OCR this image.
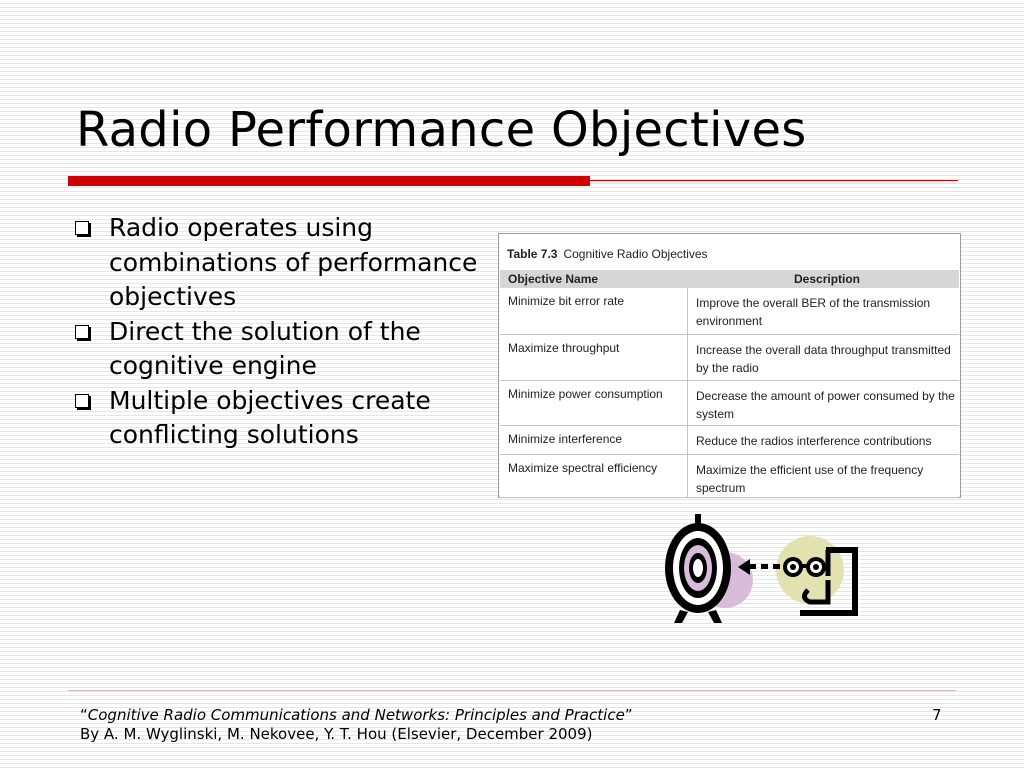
Radio Performance Objectives
Radio operates using combinations of performance objectives
Direct the solution of the cognitive engine
Multiple objectives create conflicting solutions
Table 7.3 Cognitive Radio Objectives
Objective Name	Description
Minimize bit error rate	Improve the overall BER of the transmission environment
Maximize throughput	Increase the overall data throughput transmitted by the radio
Minimize power consumption	Decrease the amount of power consumed by the system
Minimize interference	Reduce the radios interference contributions
Maximize spectral efficiency	Maximize the efficient use of the frequency spectrum
“Cognitive Radio Communications and Networks: Principles and Practice”
By A. M. Wyglinski, M. Nekovee, Y. T. Hou (Elsevier, December 2009)
7
